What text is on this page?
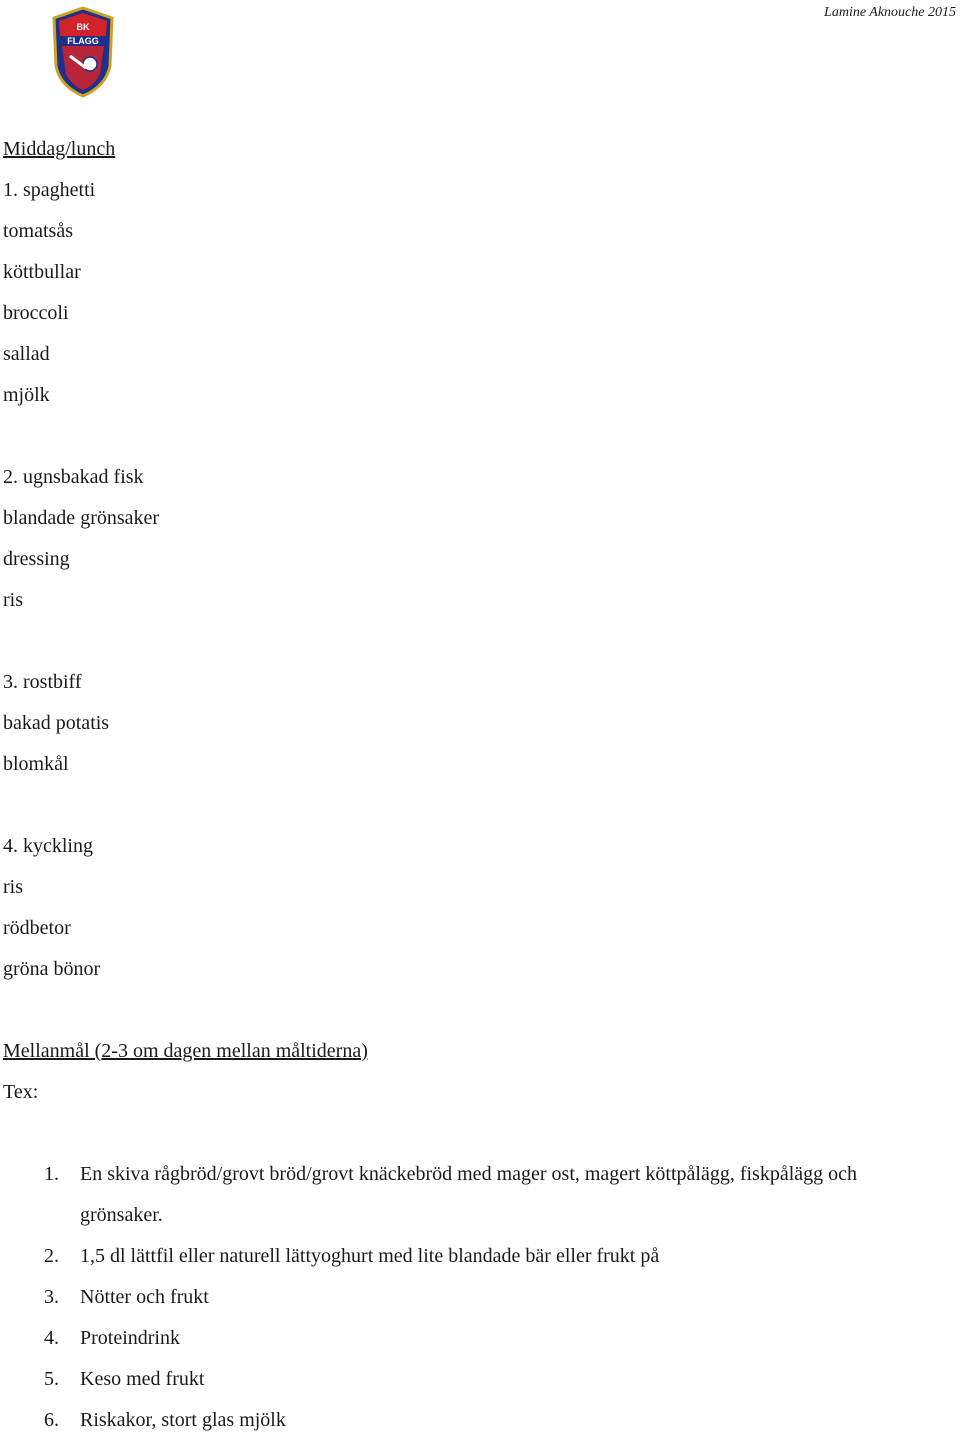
Lamine Aknouche 2015
BK
FLAGG
Middag/lunch
1. spaghetti
tomatsås
köttbullar
broccoli
sallad
mjölk
2. ugnsbakad fisk
blandade grönsaker
dressing
ris
3. rostbiff
bakad potatis
blomkål
4. kyckling
ris
rödbetor
gröna bönor
Mellanmål (2-3 om dagen mellan måltiderna)
Tex:
1. En skiva rågbröd/grovt bröd/grovt knäckebröd med mager ost, magert köttpålägg, fiskpålägg och grönsaker.
2. 1,5 dl lättfil eller naturell lättyoghurt med lite blandade bär eller frukt på
3. Nötter och frukt
4. Proteindrink
5. Keso med frukt
6. Riskakor, stort glas mjölk
